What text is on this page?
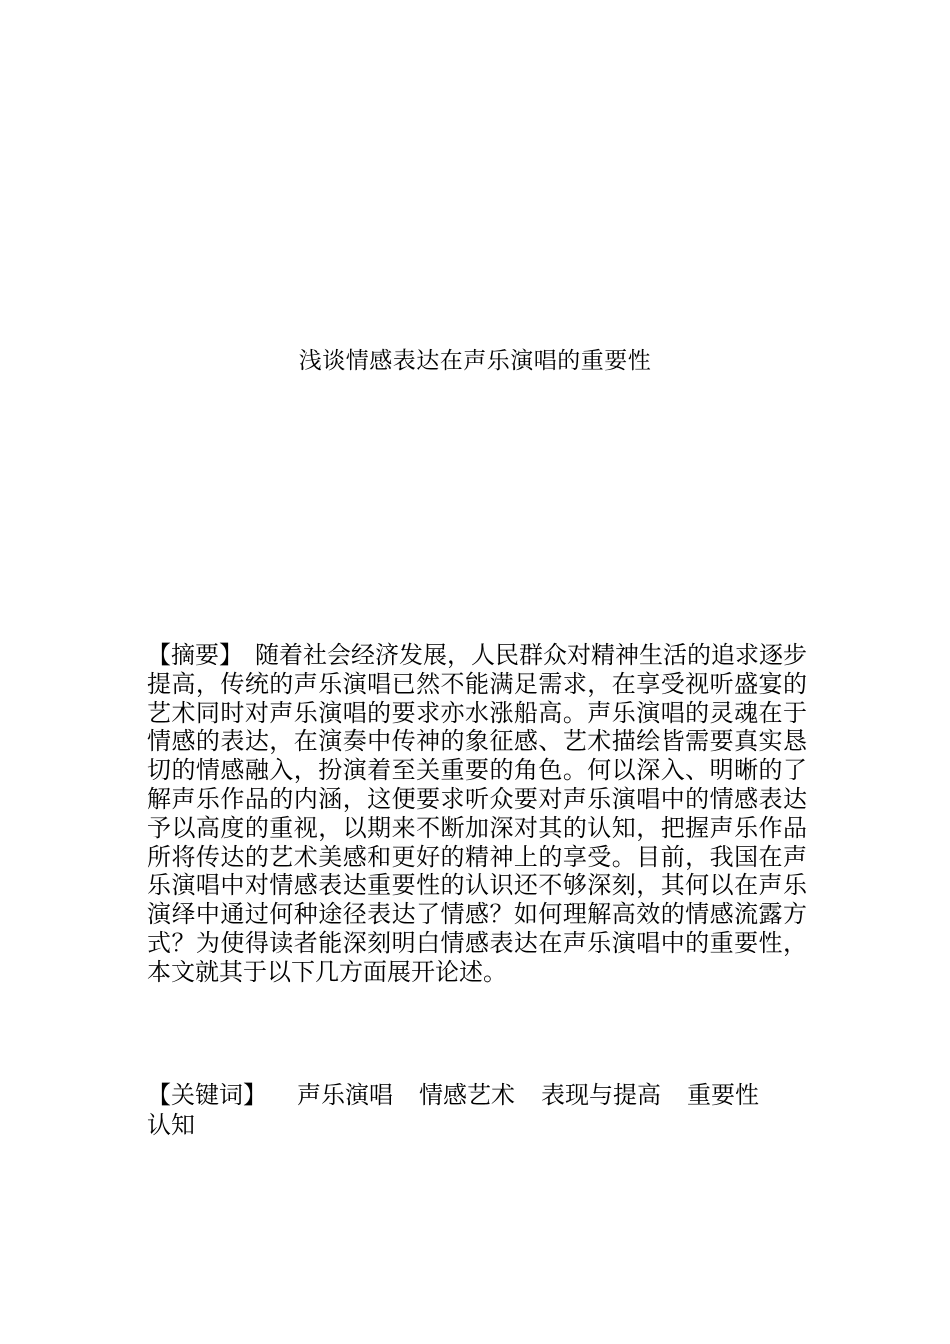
浅谈情感表达在声乐演唱的重要性

【摘要】 随着社会经济发展，人民群众对精神生活的追求逐步提高，传统的声乐演唱已然不能满足需求，在享受视听盛宴的艺术同时对声乐演唱的要求亦水涨船高。声乐演唱的灵魂在于情感的表达，在演奏中传神的象征感、艺术描绘皆需要真实恳切的情感融入，扮演着至关重要的角色。何以深入、明晰的了解声乐作品的内涵，这便要求听众要对声乐演唱中的情感表达予以高度的重视，以期来不断加深对其的认知，把握声乐作品所将传达的艺术美感和更好的精神上的享受。目前，我国在声乐演唱中对情感表达重要性的认识还不够深刻，其何以在声乐演绎中通过何种途径表达了情感？如何理解高效的情感流露方式？为使得读者能深刻明白情感表达在声乐演唱中的重要性，本文就其于以下几方面展开论述。

【关键词】 声乐演唱 情感艺术 表现与提高 重要性认知
